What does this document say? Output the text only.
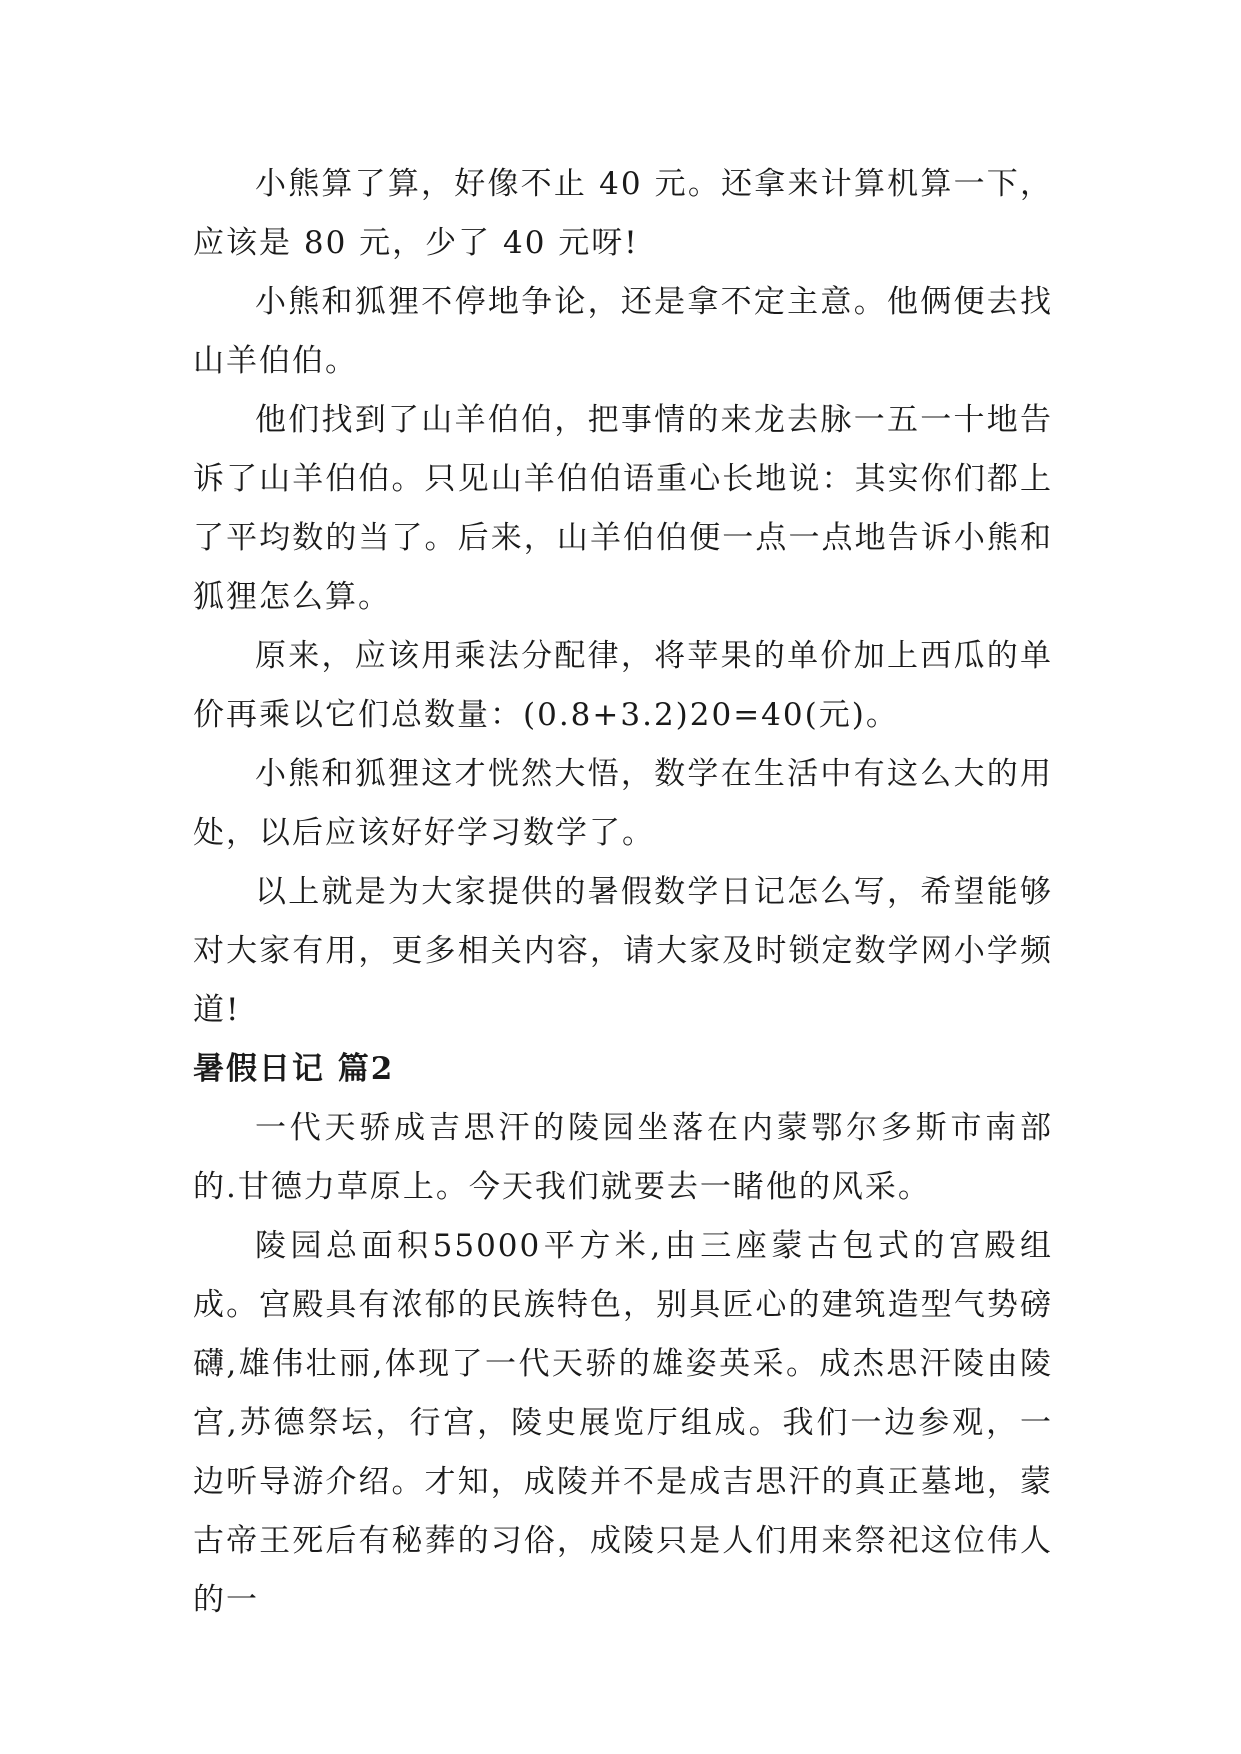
小熊算了算，好像不止 40 元。还拿来计算机算一下，应该是 80 元，少了 40 元呀!

小熊和狐狸不停地争论，还是拿不定主意。他俩便去找山羊伯伯。

他们找到了山羊伯伯，把事情的来龙去脉一五一十地告诉了山羊伯伯。只见山羊伯伯语重心长地说：其实你们都上了平均数的当了。后来，山羊伯伯便一点一点地告诉小熊和狐狸怎么算。

原来，应该用乘法分配律，将苹果的单价加上西瓜的单价再乘以它们总数量：(0.8+3.2)20=40(元)。

小熊和狐狸这才恍然大悟，数学在生活中有这么大的用处，以后应该好好学习数学了。

以上就是为大家提供的暑假数学日记怎么写，希望能够对大家有用，更多相关内容，请大家及时锁定数学网小学频道!

暑假日记 篇2

一代天骄成吉思汗的陵园坐落在内蒙鄂尔多斯市南部的.甘德力草原上。今天我们就要去一睹他的风采。

陵园总面积55000平方米,由三座蒙古包式的宫殿组成。宫殿具有浓郁的民族特色，别具匠心的建筑造型气势磅礴,雄伟壮丽,体现了一代天骄的雄姿英采。成杰思汗陵由陵宫,苏德祭坛，行宫，陵史展览厅组成。我们一边参观，一边听导游介绍。才知，成陵并不是成吉思汗的真正墓地，蒙古帝王死后有秘葬的习俗，成陵只是人们用来祭祀这位伟人的一
